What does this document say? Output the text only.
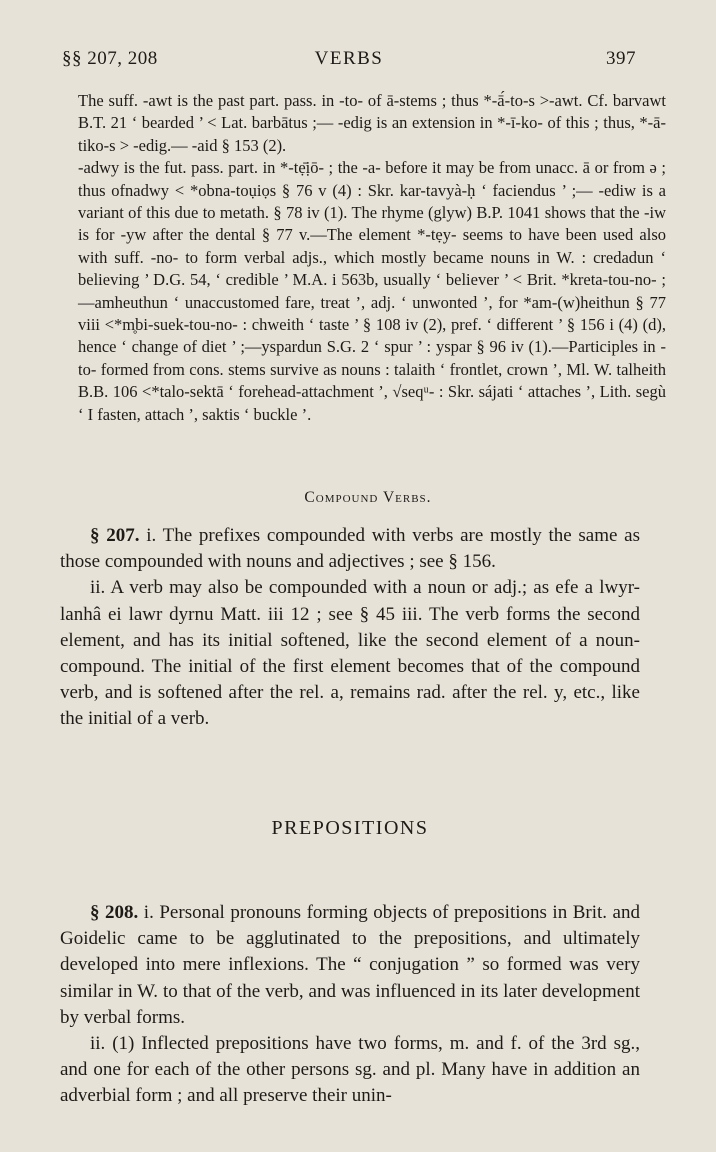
§§ 207, 208	VERBS	397

The suff. -awt is the past part. pass. in -to- of ā-stems ; thus *-ā́-to-s >-awt. Cf. barvawt B.T. 21 ‘ bearded ’ < Lat. barbātus ;— -edig is an extension in *-ī-ko- of this ; thus, *-ā-tiko-s > -edig.— -aid § 153 (2).

-adwy is the fut. pass. part. in *-tẹ̄ịō- ; the -a- before it may be from unacc. ā or from ə ; thus ofnadwy < *obna-toụiọs § 76 v (4) : Skr. kar-tavyà-ḥ ‘ faciendus ’ ;— -ediw is a variant of this due to metath. § 78 iv (1). The rhyme (glyw) B.P. 1041 shows that the -iw is for -yw after the dental § 77 v.—The element *-tẹy- seems to have been used also with suff. -no- to form verbal adjs., which mostly became nouns in W. : credadun ‘ believing ’ D.G. 54, ‘ credible ’ M.A. i 563b, usually ‘ believer ’ < Brit. *kreta-tou-no- ;—amheuthun ‘ unaccustomed fare, treat ’, adj. ‘ unwonted ’, for *am-(w)heithun § 77 viii <*m̥bi-suek-tou-no- : chweith ‘ taste ’ § 108 iv (2), pref. ‘ different ’ § 156 i (4) (d), hence ‘ change of diet ’ ;—yspardun S.G. 2 ‘ spur ’ : yspar § 96 iv (1).—Participles in -to- formed from cons. stems survive as nouns : talaith ‘ frontlet, crown ’, Ml. W. talheith B.B. 106 <*talo-sektā ‘ forehead-attachment ’, √seqᵘ- : Skr. sájati ‘ attaches ’, Lith. segù ‘ I fasten, attach ’, saktis ‘ buckle ’.

Compound Verbs.

§ 207. i. The prefixes compounded with verbs are mostly the same as those compounded with nouns and adjectives ; see § 156.

ii. A verb may also be compounded with a noun or adj.; as efe a lwyr-lanhâ ei lawr dyrnu Matt. iii 12 ; see § 45 iii. The verb forms the second element, and has its initial softened, like the second element of a noun-compound. The initial of the first element becomes that of the compound verb, and is softened after the rel. a, remains rad. after the rel. y, etc., like the initial of a verb.

PREPOSITIONS

§ 208. i. Personal pronouns forming objects of prepositions in Brit. and Goidelic came to be agglutinated to the prepositions, and ultimately developed into mere inflexions. The “ conjugation ” so formed was very similar in W. to that of the verb, and was influenced in its later development by verbal forms.

ii. (1) Inflected prepositions have two forms, m. and f. of the 3rd sg., and one for each of the other persons sg. and pl. Many have in addition an adverbial form ; and all preserve their unin-
